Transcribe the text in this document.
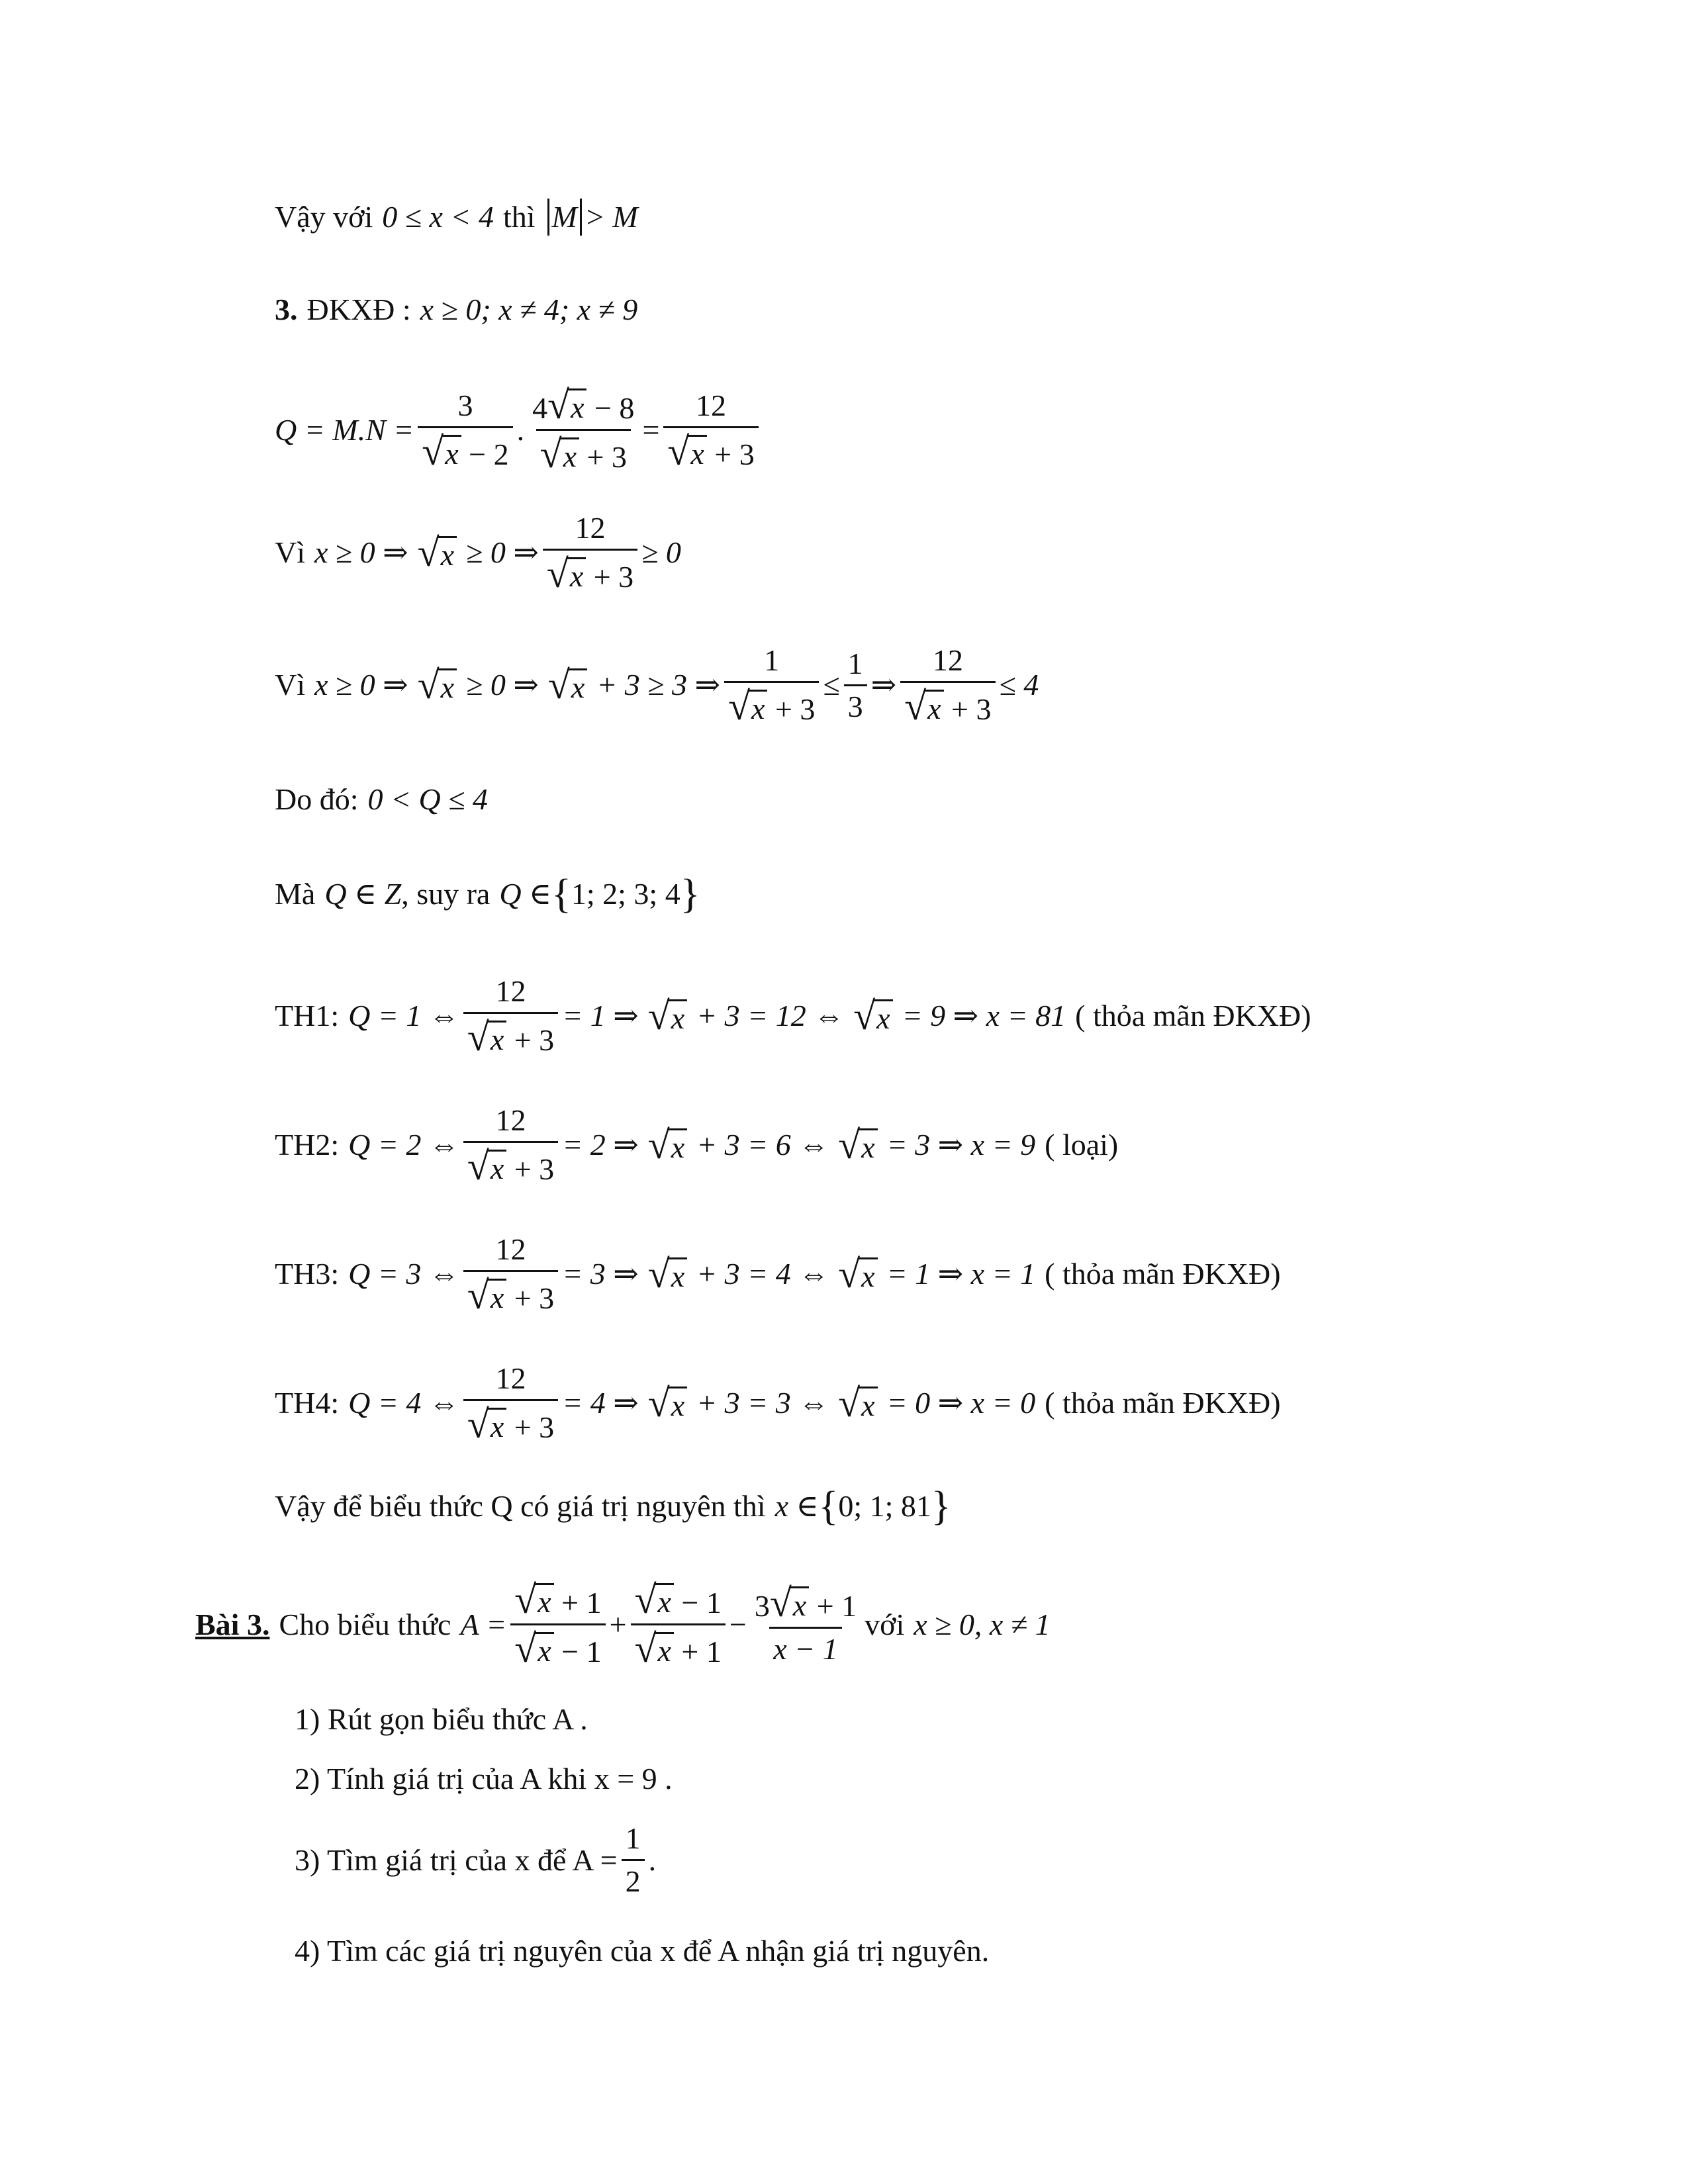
Vậy với 0 ≤ x < 4 thì M > M
3. ĐKXĐ : x ≥ 0; x ≠ 4; x ≠ 9
$Q = M.N = \frac{3}{√ x - 2}$ . $\frac{4 √ x - 8}{√ x + 3} = \frac{12}{√ x + 3}$
Vì x ≥ 0 ⇒ √ x ≥ 0 ⇒ $\frac{12}{√ x + 3} \ge 0$
Vì x ≥ 0 ⇒ √ x ≥ 0 ⇒ √ x + 3 ≥ 3 ⇒ $\frac{1}{√ x + 3} \le \frac{1}{3}$ ⇒ $\frac{12}{√ x + 3} \le 4$
Do đó: 0 < Q ≤ 4
Mà Q ∈ Z , suy ra Q ∈ { 1; 2; 3; 4 }
TH1: Q = 1 ⇔ $\frac{12}{√ x + 3} = 1$ ⇒ √ x + 3 = 12 ⇔ √ x = 9 ⇒ x = 81 ( thỏa mãn ĐKXĐ)
TH2: Q = 2 ⇔ $\frac{12}{√ x + 3} = 2$ ⇒ √ x + 3 = 6 ⇔ √ x = 3 ⇒ x = 9 ( loại)
TH3: Q = 3 ⇔ $\frac{12}{√ x + 3} = 3$ ⇒ √ x + 3 = 4 ⇔ √ x = 1 ⇒ x = 1 ( thỏa mãn ĐKXĐ)
TH4: Q = 4 ⇔ $\frac{12}{√ x + 3} = 4$ ⇒ √ x + 3 = 3 ⇔ √ x = 0 ⇒ x = 0 ( thỏa mãn ĐKXĐ)
Vậy để biểu thức Q có giá trị nguyên thì x ∈ { 0; 1; 81 }
Bài 3. Cho biểu thức $A = \frac{√ x + 1}{√ x - 1} + \frac{√ x - 1}{√ x + 1} - \frac{3 √ x + 1}{x - 1}$ với x ≥ 0, x ≠ 1
1) Rút gọn biểu thức A .
2) Tính giá trị của A khi x = 9 .
3) Tìm giá trị của x để $A = \frac{1}{2}$ .
4) Tìm các giá trị nguyên của x để A nhận giá trị nguyên.
